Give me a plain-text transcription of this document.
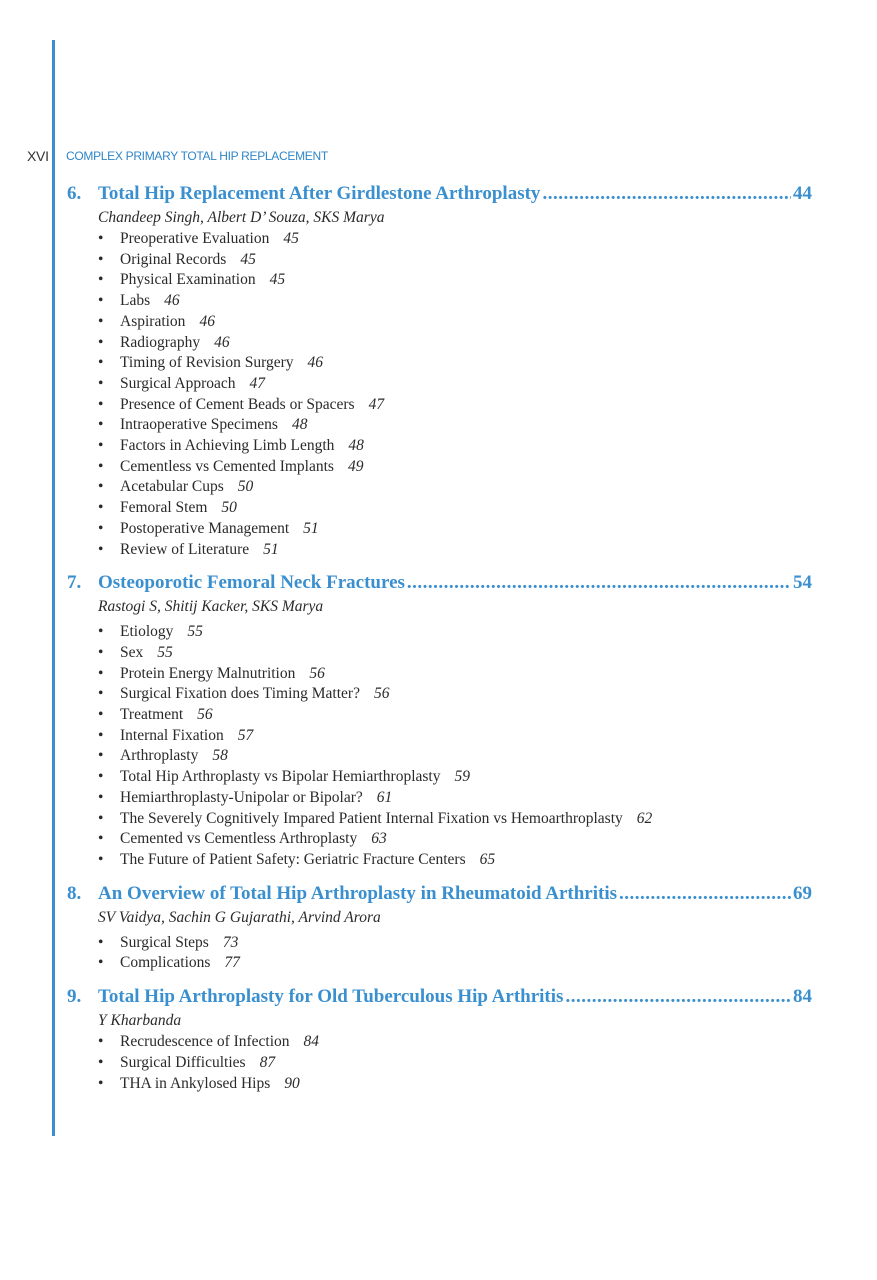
XVI	COMPLEX PRIMARY TOTAL HIP REPLACEMENT
6. Total Hip Replacement After Girdlestone Arthroplasty .....	44
Chandeep Singh, Albert D’ Souza, SKS Marya
• Preoperative Evaluation 45
• Original Records 45
• Physical Examination 45
• Labs 46
• Aspiration 46
• Radiography 46
• Timing of Revision Surgery 46
• Surgical Approach 47
• Presence of Cement Beads or Spacers 47
• Intraoperative Specimens 48
• Factors in Achieving Limb Length 48
• Cementless vs Cemented Implants 49
• Acetabular Cups 50
• Femoral Stem 50
• Postoperative Management 51
• Review of Literature 51
7. Osteoporotic Femoral Neck Fractures .....	54
Rastogi S, Shitij Kacker, SKS Marya
• Etiology 55
• Sex 55
• Protein Energy Malnutrition 56
• Surgical Fixation does Timing Matter? 56
• Treatment 56
• Internal Fixation 57
• Arthroplasty 58
• Total Hip Arthroplasty vs Bipolar Hemiarthroplasty 59
• Hemiarthroplasty-Unipolar or Bipolar? 61
• The Severely Cognitively Impared Patient Internal Fixation vs Hemoarthroplasty 62
• Cemented vs Cementless Arthroplasty 63
• The Future of Patient Safety: Geriatric Fracture Centers 65
8. An Overview of Total Hip Arthroplasty in Rheumatoid Arthritis .....	69
SV Vaidya, Sachin G Gujarathi, Arvind Arora
• Surgical Steps 73
• Complications 77
9. Total Hip Arthroplasty for Old Tuberculous Hip Arthritis .....	84
Y Kharbanda
• Recrudescence of Infection 84
• Surgical Difficulties 87
• THA in Ankylosed Hips 90
